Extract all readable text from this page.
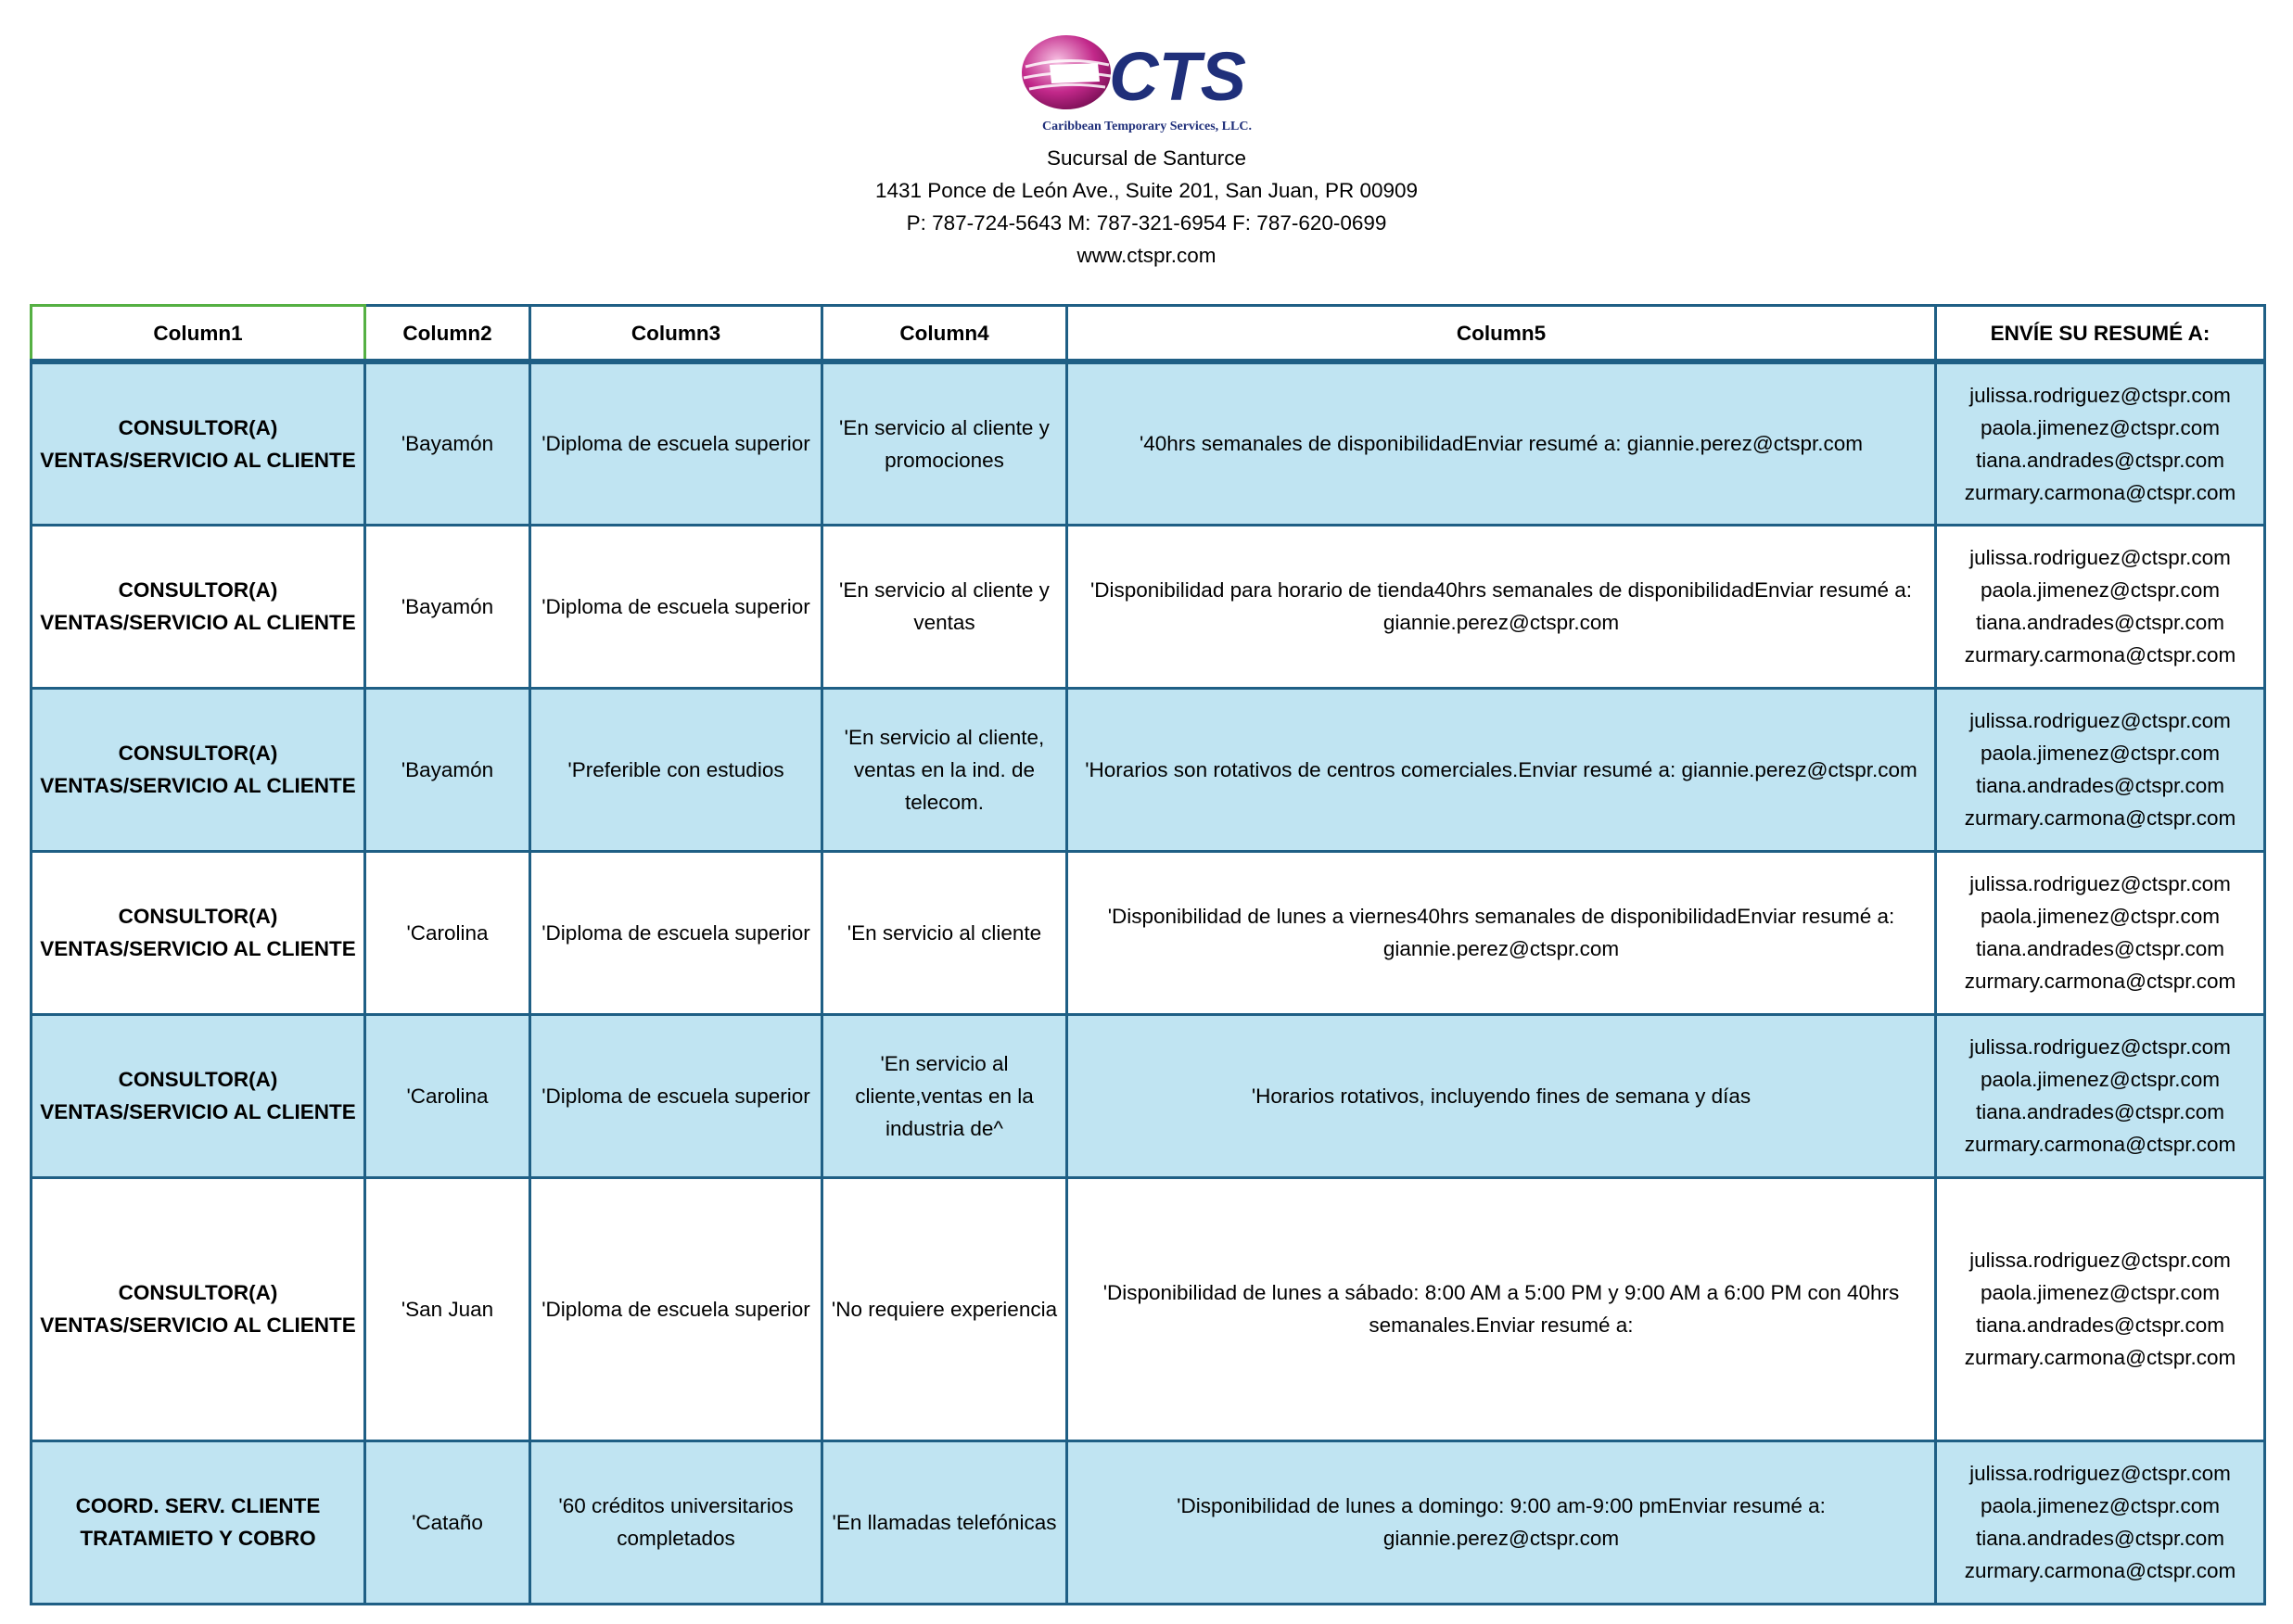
CTS
Caribbean Temporary Services, LLC.
Sucursal de Santurce
1431 Ponce de León Ave., Suite 201, San Juan, PR 00909
P: 787-724-5643 M: 787-321-6954 F: 787-620-0699
www.ctspr.com
Column1	Column2	Column3	Column4	Column5	ENVÍE SU RESUMÉ A:

CONSULTOR(A)
VENTAS/SERVICIO AL CLIENTE	'Bayamón	'Diploma de escuela superior	'En servicio al cliente y promociones	'40hrs semanales de disponibilidadEnviar resumé a: giannie.perez@ctspr.com	julissa.rodriguez@ctspr.com
paola.jimenez@ctspr.com
tiana.andrades@ctspr.com
zurmary.carmona@ctspr.com

CONSULTOR(A)
VENTAS/SERVICIO AL CLIENTE	'Bayamón	'Diploma de escuela superior	'En servicio al cliente y ventas	'Disponibilidad para horario de tienda40hrs semanales de disponibilidadEnviar resumé a: giannie.perez@ctspr.com	julissa.rodriguez@ctspr.com
paola.jimenez@ctspr.com
tiana.andrades@ctspr.com
zurmary.carmona@ctspr.com

CONSULTOR(A)
VENTAS/SERVICIO AL CLIENTE	'Bayamón	'Preferible con estudios	'En servicio al cliente, ventas en la ind. de telecom.	'Horarios son rotativos de centros comerciales.Enviar resumé a: giannie.perez@ctspr.com	julissa.rodriguez@ctspr.com
paola.jimenez@ctspr.com
tiana.andrades@ctspr.com
zurmary.carmona@ctspr.com

CONSULTOR(A)
VENTAS/SERVICIO AL CLIENTE	'Carolina	'Diploma de escuela superior	'En servicio al cliente	'Disponibilidad de lunes a viernes40hrs semanales de disponibilidadEnviar resumé a: giannie.perez@ctspr.com	julissa.rodriguez@ctspr.com
paola.jimenez@ctspr.com
tiana.andrades@ctspr.com
zurmary.carmona@ctspr.com

CONSULTOR(A)
VENTAS/SERVICIO AL CLIENTE	'Carolina	'Diploma de escuela superior	'En servicio al cliente,ventas en la industria de^	'Horarios rotativos, incluyendo fines de semana y días	julissa.rodriguez@ctspr.com
paola.jimenez@ctspr.com
tiana.andrades@ctspr.com
zurmary.carmona@ctspr.com

CONSULTOR(A)
VENTAS/SERVICIO AL CLIENTE	'San Juan	'Diploma de escuela superior	'No requiere experiencia	'Disponibilidad de lunes a sábado: 8:00 AM a 5:00 PM y 9:00 AM a 6:00 PM con 40hrs semanales.Enviar resumé a:	julissa.rodriguez@ctspr.com
paola.jimenez@ctspr.com
tiana.andrades@ctspr.com
zurmary.carmona@ctspr.com

COORD. SERV. CLIENTE
TRATAMIETO Y COBRO	'Cataño	'60 créditos universitarios completados	'En llamadas telefónicas	'Disponibilidad de lunes a domingo: 9:00 am-9:00 pmEnviar resumé a: giannie.perez@ctspr.com	julissa.rodriguez@ctspr.com
paola.jimenez@ctspr.com
tiana.andrades@ctspr.com
zurmary.carmona@ctspr.com
